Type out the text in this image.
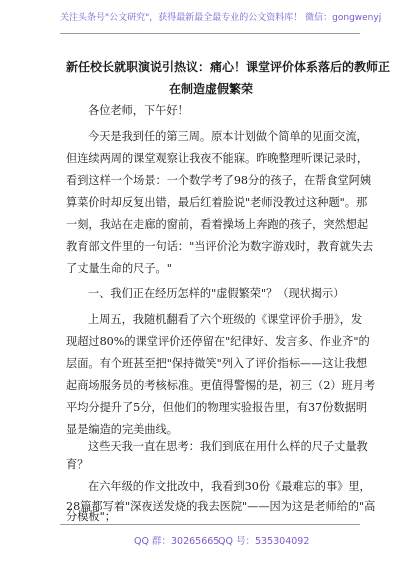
关注头条号"公文研究"，获得最新最全最专业的公文资料库！ 微信：gongwenyj
新任校长就职演说引热议：痛心！课堂评价体系落后的教师正
在制造虚假繁荣
各位老师，下午好！
今天是我到任的第三周。原本计划做个简单的见面交流，
但连续两周的课堂观察让我夜不能寐。昨晚整理听课记录时，
看到这样一个场景：一个数学考了98分的孩子，在帮食堂阿姨
算菜价时却反复出错，最后红着脸说"老师没教过这种题"。那
一刻，我站在走廊的窗前，看着操场上奔跑的孩子，突然想起
教育部文件里的一句话："当评价沦为数字游戏时，教育就失去
了丈量生命的尺子。"
一、我们正在经历怎样的"虚假繁荣"？（现状揭示）
上周五，我随机翻看了六个班级的《课堂评价手册》，发
现超过80%的课堂评价还停留在"纪律好、发言多、作业齐"的
层面。有个班甚至把"保持微笑"列入了评价指标——这让我想
起商场服务员的考核标准。更值得警惕的是，初三（2）班月考
平均分提升了5分，但他们的物理实验报告里，有37份数据明
显是编造的完美曲线。
这些天我一直在思考：我们到底在用什么样的尺子丈量教
育？
在六年级的作文批改中，我看到30份《最难忘的事》里，
28篇都写着"深夜送发烧的我去医院"——因为这是老师给的"高
分模板"；
QQ 群：30265665
QQ 号：535304092
